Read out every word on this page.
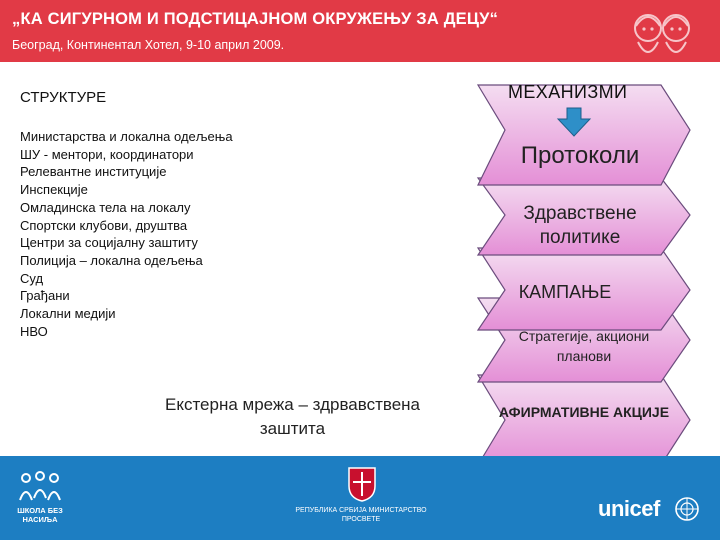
„КА СИГУРНОМ И ПОДСТИЦАЈНОМ ОКРУЖЕЊУ ЗА ДЕЦУ“
Београд, Континентал Хотел, 9-10 април 2009.
СТРУКТУРЕ
Министарства и локална одељења
ШУ - ментори, координатори
Релевантне институције
Инспекције
Омладинска тела на локалу
Спортски клубови, друштва
Центри за социјалну заштиту
Полиција – локална одељења
Суд
Грађани
Локални медији
НВО
Екстерна мрежа – здрвавствена заштита
МЕХАНИЗМИ
Протоколи
Здравствене политике
КАМПАЊЕ
Стратегије, акциони планови
АФИРМАТИВНЕ АКЦИЈЕ
ШКОЛА БЕЗ НАСИЉА
РЕПУБЛИКА СРБИЈА МИНИСТАРСТВО ПРОСВЕТЕ	unicef
